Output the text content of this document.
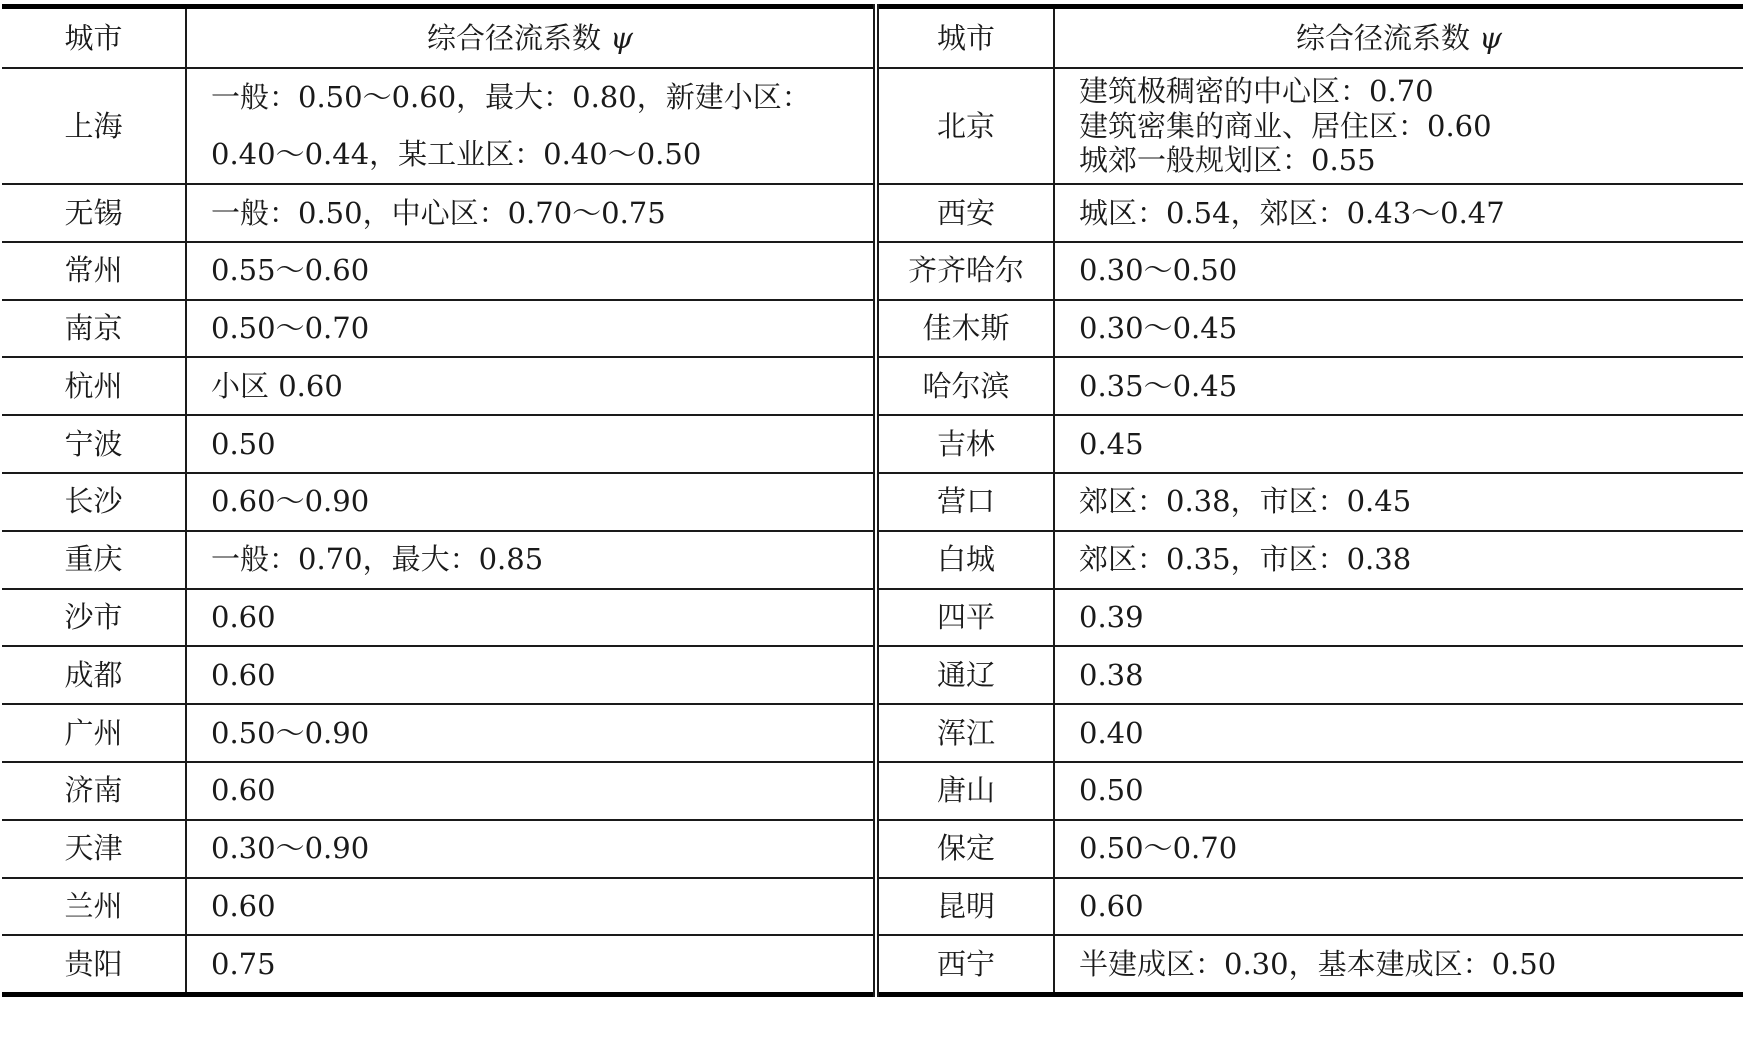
城市	综合径流系数 ψ	城市	综合径流系数 ψ
上海	一般：0.50～0.60，最大：0.80，新建小区：0.40～0.44，某工业区：0.40～0.50	北京	建筑极稠密的中心区：0.70
建筑密集的商业、居住区：0.60
城郊一般规划区：0.55

无锡	一般：0.50，中心区：0.70～0.75	西安	城区：0.54，郊区：0.43～0.47
常州	0.55～0.60	齐齐哈尔	0.30～0.50
南京	0.50～0.70	佳木斯	0.30～0.45
杭州	小区 0.60	哈尔滨	0.35～0.45
宁波	0.50	吉林	0.45
长沙	0.60～0.90	营口	郊区：0.38，市区：0.45
重庆	一般：0.70，最大：0.85	白城	郊区：0.35，市区：0.38
沙市	0.60	四平	0.39
成都	0.60	通辽	0.38
广州	0.50～0.90	浑江	0.40
济南	0.60	唐山	0.50
天津	0.30～0.90	保定	0.50～0.70
兰州	0.60	昆明	0.60
贵阳	0.75	西宁	半建成区：0.30，基本建成区：0.50
